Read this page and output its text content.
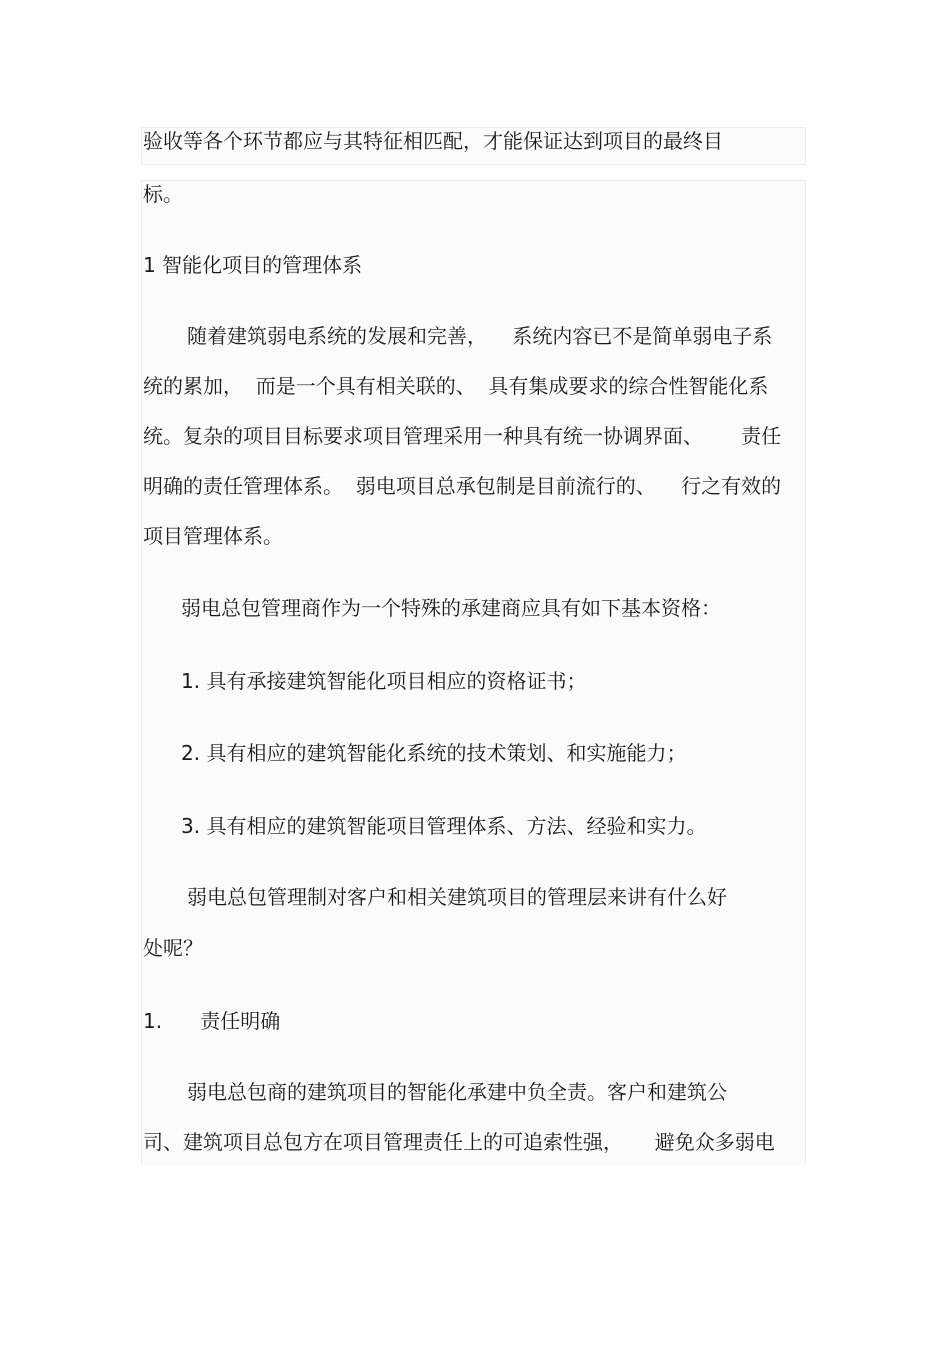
验收等各个环节都应与其特征相匹配，才能保证达到项目的最终目

标。

1 智能化项目的管理体系

随着建筑弱电系统的发展和完善，    系统内容已不是简单弱电子系

统的累加，  而是一个具有相关联的、  具有集成要求的综合性智能化系

统。复杂的项目目标要求项目管理采用一种具有统一协调界面、      责任

明确的责任管理体系。  弱电项目总承包制是目前流行的、    行之有效的

项目管理体系。

弱电总包管理商作为一个特殊的承建商应具有如下基本资格：

1. 具有承接建筑智能化项目相应的资格证书；

2. 具有相应的建筑智能化系统的技术策划、和实施能力；

3. 具有相应的建筑智能项目管理体系、方法、经验和实力。

弱电总包管理制对客户和相关建筑项目的管理层来讲有什么好

处呢？

1.      责任明确

弱电总包商的建筑项目的智能化承建中负全责。客户和建筑公

司、建筑项目总包方在项目管理责任上的可追索性强，     避免众多弱电
